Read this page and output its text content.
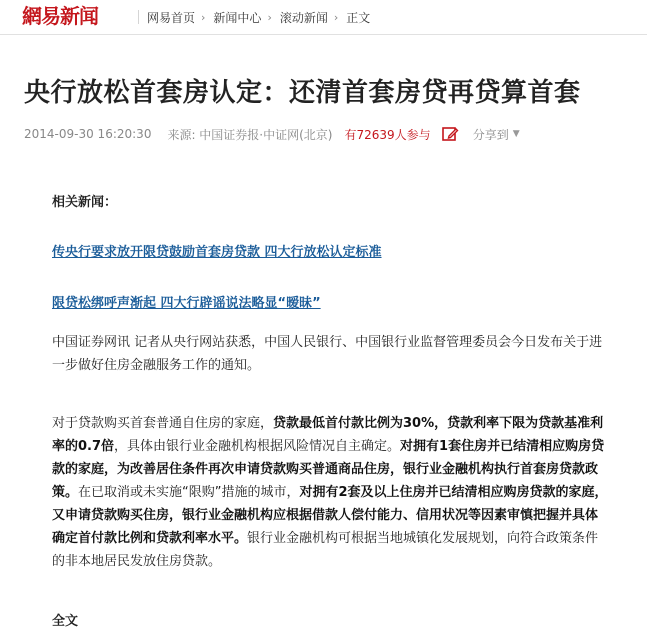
網易新闻	网易首页 › 新闻中心 › 滚动新闻 › 正文
央行放松首套房认定：还清首套房贷再贷算首套
2014-09-30 16:20:30 来源: 中国证券报·中证网(北京) 有72639人参与	分享到 ▼
相关新闻：
传央行要求放开限贷鼓励首套房贷款 四大行放松认定标准
限贷松绑呼声渐起 四大行辟谣说法略显“暧昧”

中国证券网讯 记者从央行网站获悉，中国人民银行、中国银行业监督管理委员会今日发布关于进一步做好住房金融服务工作的通知。

对于贷款购买首套普通自住房的家庭，贷款最低首付款比例为30%，贷款利率下限为贷款基准利率的0.7倍，具体由银行业金融机构根据风险情况自主确定。对拥有1套住房并已结清相应购房贷款的家庭，为改善居住条件再次申请贷款购买普通商品住房，银行业金融机构执行首套房贷款政策。在已取消或未实施“限购”措施的城市，对拥有2套及以上住房并已结清相应购房贷款的家庭，又申请贷款购买住房，银行业金融机构应根据借款人偿付能力、信用状况等因素审慎把握并具体确定首付款比例和贷款利率水平。银行业金融机构可根据当地城镇化发展规划，向符合政策条件的非本地居民发放住房贷款。

全文
